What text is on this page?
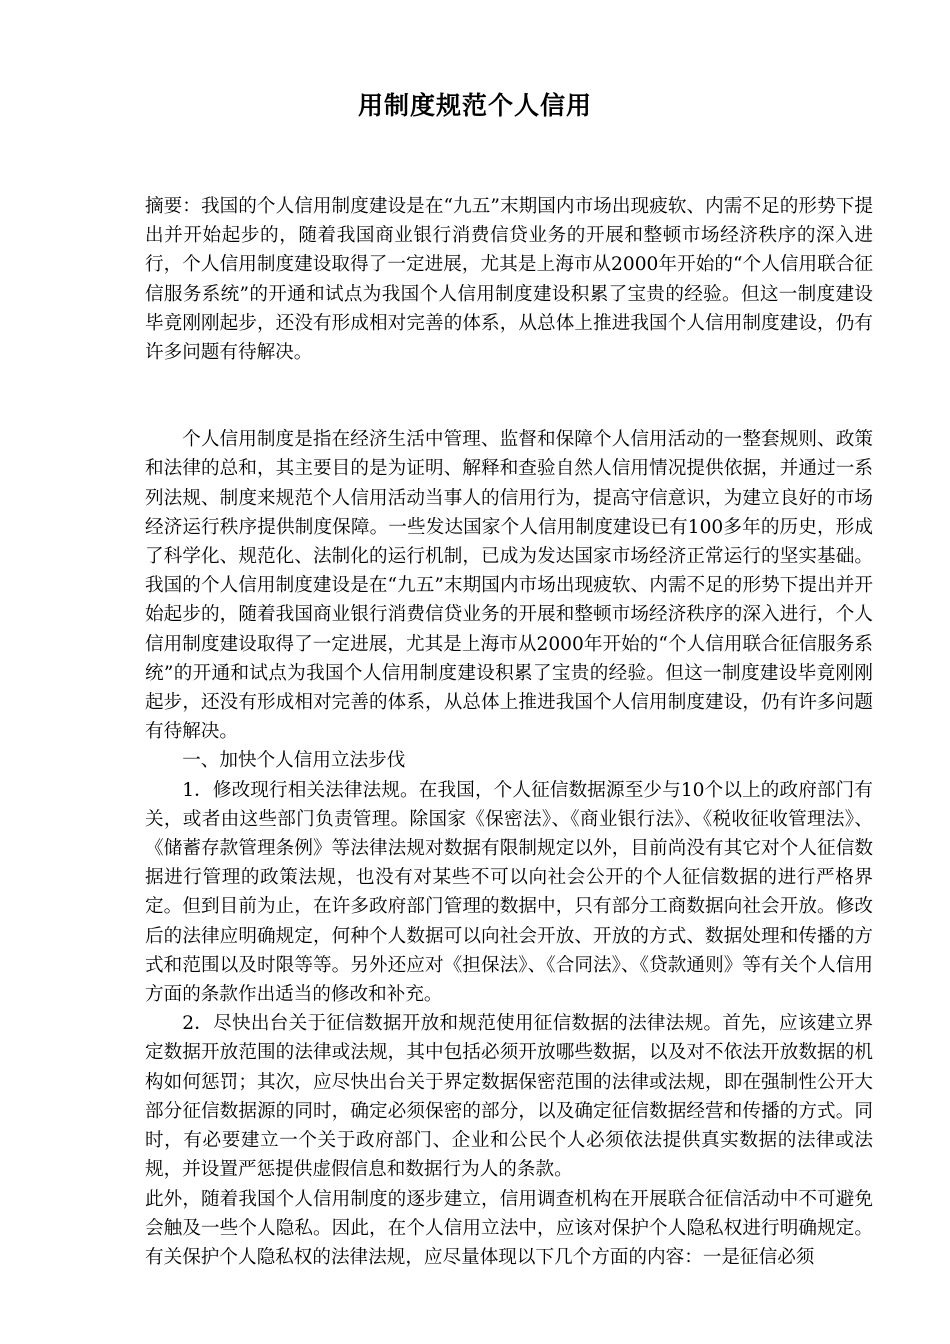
用制度规范个人信用

摘要：我国的个人信用制度建设是在“九五”末期国内市场出现疲软、内需不足的形势下提出并开始起步的，随着我国商业银行消费信贷业务的开展和整顿市场经济秩序的深入进行，个人信用制度建设取得了一定进展，尤其是上海市从2000年开始的“个人信用联合征信服务系统”的开通和试点为我国个人信用制度建设积累了宝贵的经验。但这一制度建设毕竟刚刚起步，还没有形成相对完善的体系，从总体上推进我国个人信用制度建设，仍有许多问题有待解决。

个人信用制度是指在经济生活中管理、监督和保障个人信用活动的一整套规则、政策和法律的总和，其主要目的是为证明、解释和查验自然人信用情况提供依据，并通过一系列法规、制度来规范个人信用活动当事人的信用行为，提高守信意识，为建立良好的市场经济运行秩序提供制度保障。一些发达国家个人信用制度建设已有100多年的历史，形成了科学化、规范化、法制化的运行机制，已成为发达国家市场经济正常运行的坚实基础。我国的个人信用制度建设是在“九五”末期国内市场出现疲软、内需不足的形势下提出并开始起步的，随着我国商业银行消费信贷业务的开展和整顿市场经济秩序的深入进行，个人信用制度建设取得了一定进展，尤其是上海市从2000年开始的“个人信用联合征信服务系统”的开通和试点为我国个人信用制度建设积累了宝贵的经验。但这一制度建设毕竟刚刚起步，还没有形成相对完善的体系，从总体上推进我国个人信用制度建设，仍有许多问题有待解决。

一、加快个人信用立法步伐

1．修改现行相关法律法规。在我国，个人征信数据源至少与10个以上的政府部门有关，或者由这些部门负责管理。除国家《保密法》、《商业银行法》、《税收征收管理法》、《储蓄存款管理条例》等法律法规对数据有限制规定以外，目前尚没有其它对个人征信数据进行管理的政策法规，也没有对某些不可以向社会公开的个人征信数据的进行严格界定。但到目前为止，在许多政府部门管理的数据中，只有部分工商数据向社会开放。修改后的法律应明确规定，何种个人数据可以向社会开放、开放的方式、数据处理和传播的方式和范围以及时限等等。另外还应对《担保法》、《合同法》、《贷款通则》等有关个人信用方面的条款作出适当的修改和补充。

2．尽快出台关于征信数据开放和规范使用征信数据的法律法规。首先，应该建立界定数据开放范围的法律或法规，其中包括必须开放哪些数据，以及对不依法开放数据的机构如何惩罚；其次，应尽快出台关于界定数据保密范围的法律或法规，即在强制性公开大部分征信数据源的同时，确定必须保密的部分，以及确定征信数据经营和传播的方式。同时，有必要建立一个关于政府部门、企业和公民个人必须依法提供真实数据的法律或法规，并设置严惩提供虚假信息和数据行为人的条款。

此外，随着我国个人信用制度的逐步建立，信用调查机构在开展联合征信活动中不可避免会触及一些个人隐私。因此，在个人信用立法中，应该对保护个人隐私权进行明确规定。有关保护个人隐私权的法律法规，应尽量体现以下几个方面的内容：一是征信必须
